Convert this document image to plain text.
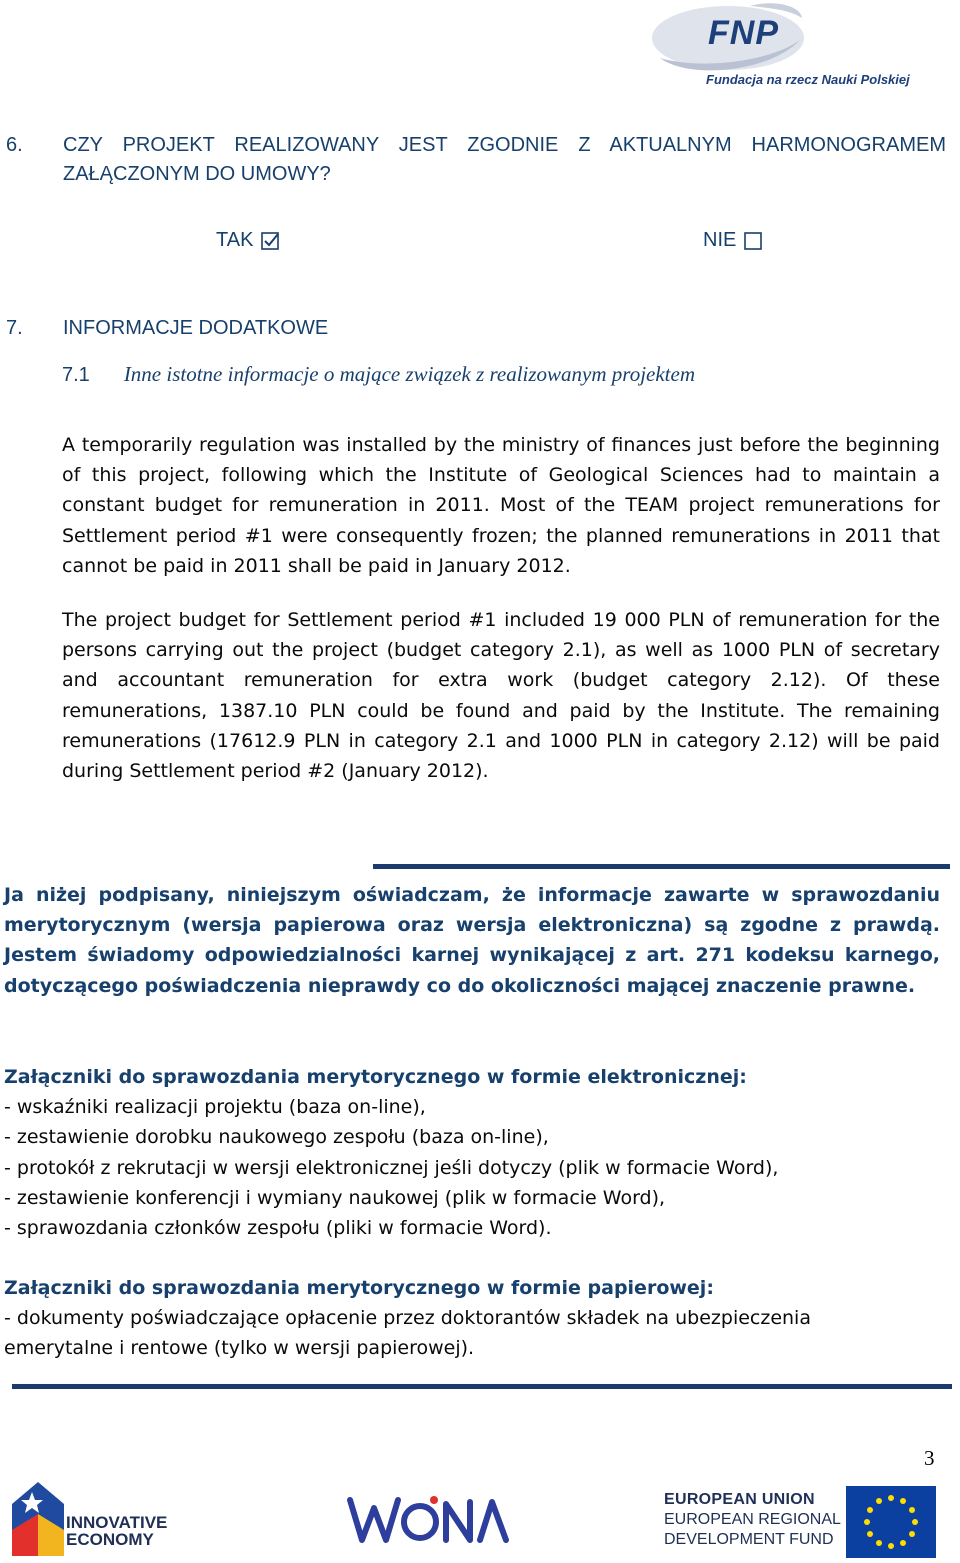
FNP
Fundacja na rzecz Nauki Polskiej
6. CZY PROJEKT REALIZOWANY JEST ZGODNIE Z AKTUALNYM HARMONOGRAMEM ZAŁĄCZONYM DO UMOWY?
TAK	NIE
7. INFORMACJE DODATKOWE
7.1 Inne istotne informacje o mające związek z realizowanym projektem
A temporarily regulation was installed by the ministry of finances just before the beginning of this project, following which the Institute of Geological Sciences had to maintain a constant budget for remuneration in 2011. Most of the TEAM project remunerations for Settlement period #1 were consequently frozen; the planned remunerations in 2011 that cannot be paid in 2011 shall be paid in January 2012.
The project budget for Settlement period #1 included 19 000 PLN of remuneration for the persons carrying out the project (budget category 2.1), as well as 1000 PLN of secretary and accountant remuneration for extra work (budget category 2.12). Of these remunerations, 1387.10 PLN could be found and paid by the Institute. The remaining remunerations (17612.9 PLN in category 2.1 and 1000 PLN in category 2.12) will be paid during Settlement period #2 (January 2012).
Ja niżej podpisany, niniejszym oświadczam, że informacje zawarte w sprawozdaniu merytorycznym (wersja papierowa oraz wersja elektroniczna) są zgodne z prawdą. Jestem świadomy odpowiedzialności karnej wynikającej z art. 271 kodeksu karnego, dotyczącego poświadczenia nieprawdy co do okoliczności mającej znaczenie prawne.
Załączniki do sprawozdania merytorycznego w formie elektronicznej:
- wskaźniki realizacji projektu (baza on-line),
- zestawienie dorobku naukowego zespołu (baza on-line),
- protokół z rekrutacji w wersji elektronicznej jeśli dotyczy (plik w formacie Word),
- zestawienie konferencji i wymiany naukowej (plik w formacie Word),
- sprawozdania członków zespołu (pliki w formacie Word).
Załączniki do sprawozdania merytorycznego w formie papierowej:
- dokumenty poświadczające opłacenie przez doktorantów składek na ubezpieczenia
emerytalne i rentowe (tylko w wersji papierowej).
3
INNOVATIVE
ECONOMY
EUROPEAN UNION
EUROPEAN REGIONAL
DEVELOPMENT FUND
